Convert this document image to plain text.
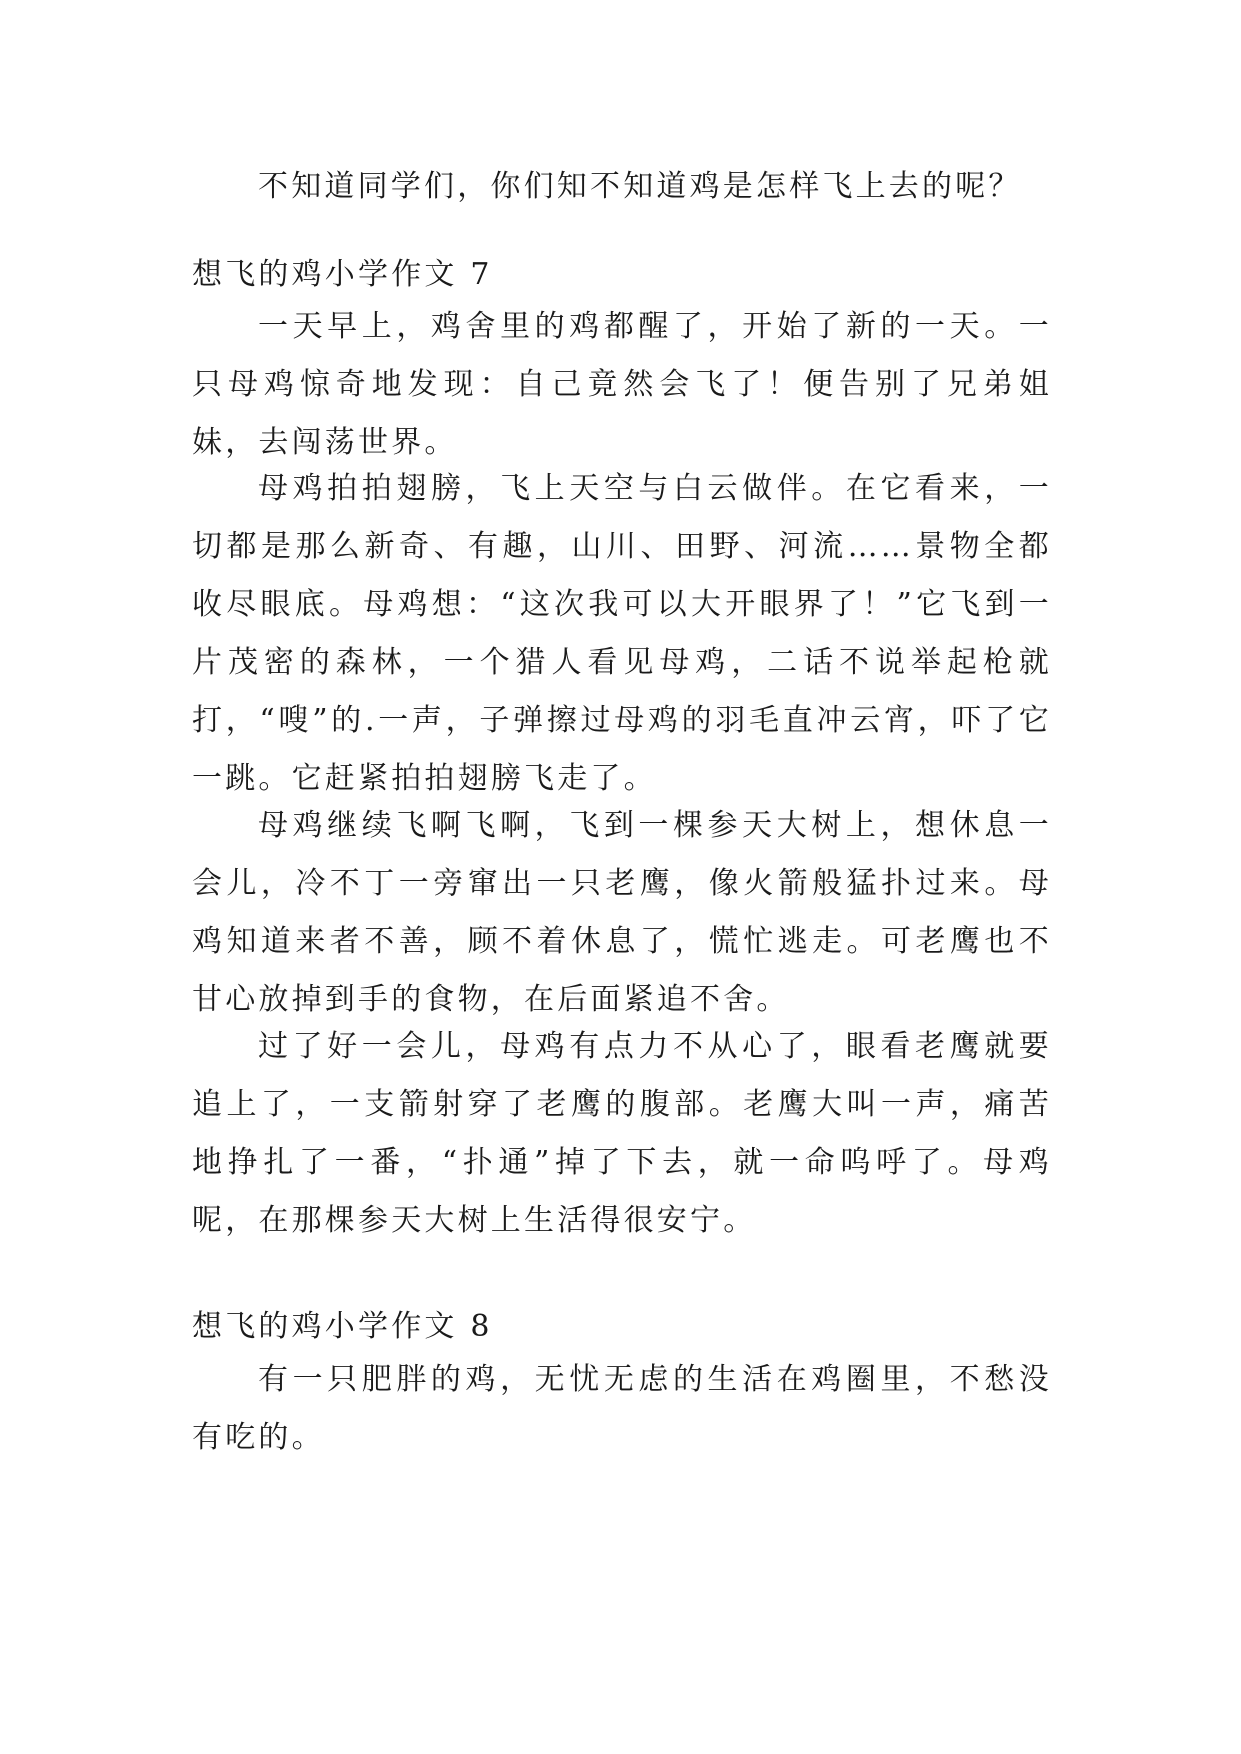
不知道同学们，你们知不知道鸡是怎样飞上去的呢？

想飞的鸡小学作文 7

一天早上，鸡舍里的鸡都醒了，开始了新的一天。一只母鸡惊奇地发现：自己竟然会飞了！便告别了兄弟姐妹，去闯荡世界。

母鸡拍拍翅膀，飞上天空与白云做伴。在它看来，一切都是那么新奇、有趣，山川、田野、河流……景物全都收尽眼底。母鸡想：“这次我可以大开眼界了！”它飞到一片茂密的森林，一个猎人看见母鸡，二话不说举起枪就打，“嗖”的.一声，子弹擦过母鸡的羽毛直冲云宵，吓了它一跳。它赶紧拍拍翅膀飞走了。

母鸡继续飞啊飞啊，飞到一棵参天大树上，想休息一会儿，冷不丁一旁窜出一只老鹰，像火箭般猛扑过来。母鸡知道来者不善，顾不着休息了，慌忙逃走。可老鹰也不甘心放掉到手的食物，在后面紧追不舍。

过了好一会儿，母鸡有点力不从心了，眼看老鹰就要追上了，一支箭射穿了老鹰的腹部。老鹰大叫一声，痛苦地挣扎了一番，“扑通”掉了下去，就一命呜呼了。母鸡呢，在那棵参天大树上生活得很安宁。

想飞的鸡小学作文 8

有一只肥胖的鸡，无忧无虑的生活在鸡圈里，不愁没有吃的。
